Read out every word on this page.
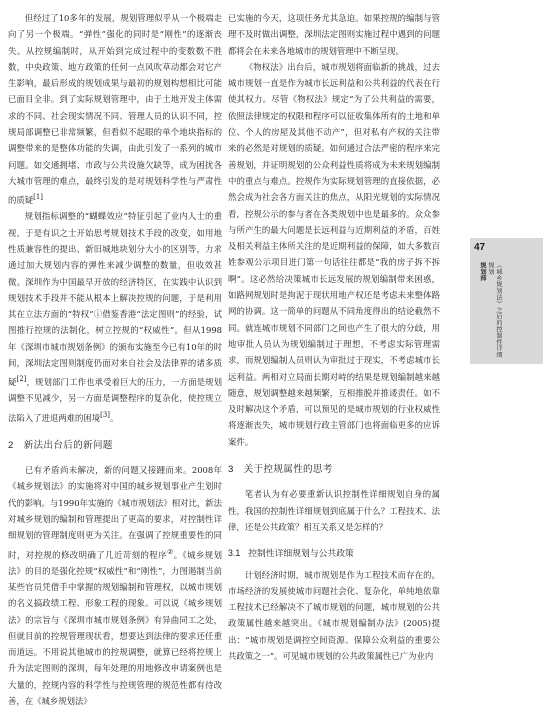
但经过了10多年的发展，规划管理似乎从一个极端走向了另一个极端。“弹性”强化的同时是“刚性”的逐渐丧失。从控规编制时，从开始到完成过程中的变数数不胜数，中央政策、地方政策的任何一点风吹草动都会对它产生影响，最后形成的规划成果与最初的规划构想相比可能已面目全非。到了实际规划管理中，由于土地开发主体需求的不同、社会现实情况不同、管理人员的认识不同，控规局部调整已非常频繁，但看似不起眼的单个地块指标的调整带来的是整体功能的失调，由此引发了一系列的城市问题。如交通拥堵、市政与公共设施欠缺等，成为困扰各大城市管理的难点，最终引发的是对规划科学性与严肃性的质疑[1]

规划指标调整的“蝴蝶效应”特征引起了业内人士的重视，于是有识之士开始思考规划技术手段的改变，如用地性质兼容性的提出、新旧城地块划分大小的区别等，力求通过加大规划内容的弹性来减少调整的数量，但收效甚微。深圳作为中国最早开放的经济特区，在实践中认识到规划技术手段并不能从根本上解决控规的问题，于是利用其在立法方面的“特权”ⓘ借鉴香港“法定图则”的经验，试图推行控规的法制化，树立控规的“权威性”。但从1998年《深圳市城市规划条例》的颁布实施至今已有10年的时间，深圳法定图则制度仍面对来自社会及法律界的诸多质疑[2]，规划部门工作也承受着巨大的压力，一方面是规划调整不见减少，另一方面是调整程序的复杂化，使控规立法陷入了进退两难的困境[3]。

2 新法出台后的新问题

已有矛盾尚未解决，新的问题又接踵而来。2008年《城乡规划法》的实施将对中国的城乡规划事业产生划时代的影响。与1990年实施的《城市规划法》相对比，新法对城乡规划的编制和管理提出了更高的要求，对控制性详细规划的管理制度则更为关注。在强调了控规重要性的同时，对控规的修改明确了几近苛刻的程序②。《城乡规划法》的目的是强化控规“权威性”和“刚性”，力图遏制当前某些官员凭借手中掌握的规划编制和管理权，以城市规划的名义搞政绩工程、形象工程的现象。可以说《城乡规划法》的宗旨与《深圳市城市规划条例》有异曲同工之处，但就目前的控规管理现状看，想要达到法律的要求还任重而道远。不用说其他城市的控规调整，就算已经将控规上升为法定图则的深圳，每年处理的用地修改申请案例也是大量的，控规内容的科学性与控规管理的规范性都有待改善，在《城乡规划法》

已实施的今天，这项任务尤其急迫。如果控规的编制与管理不及时做出调整，深圳法定图则实施过程中遇到的问题都将会在未来各地城市的规划管理中不断呈现。

《物权法》出台后，城市规划将面临新的挑战，过去城市规划一直是作为城市长远利益和公共利益的代表在行使其权力。尽管《物权法》规定“为了公共利益的需要，依照法律规定的权限和程序可以征收集体所有的土地和单位、个人的房屋及其他不动产”，但对私有产权的关注带来的必然是对规划的质疑。如何通过合法严密的程序来完善规划，并证明规划的公众利益性质将成为未来规划编制中的重点与难点。控规作为实际规划管理的直接依据，必然会成为社会各方面关注的焦点，从阳光规划的实际情况看，控规公示的参与者在各类规划中也是最多的。众众参与所产生的最大问题是长远利益与近期利益的矛盾，百姓及相关利益主体所关注的是近期利益的保障，如大多数百姓参观公示项目进门第一句话往往都是“我的房子拆不拆啊”。这必然给决策城市长远发展的规划编制带来困惑，如路网规划时是拘泥于现状用地产权还是考虑未来整体路网的协调。这一简单的问题从不同角度得出的结论截然不同。就连城市规划不同部门之间也产生了很大的分歧，用地审批人员认为规划编制过于理想，不考虑实际管理需求，而规划编制人员则认为审批过于现实，不考虑城市长远利益。两相对立局面长期对峙的结果是规划编制越来越随意，规划调整越来越频繁，互相推脱并推诿责任。如不及时解决这个矛盾，可以预见的是城市规划的行业权威性将逐渐丧失，城市规划行政主管部门也将面临更多的应诉案件。

3 关于控规属性的思考

笔者认为有必要重新认识控制性详细规划自身的属性，我国的控制性详细规划到底属于什么？工程技术、法律，还是公共政策？相互关系又是怎样的？

3.1 控制性详细规划与公共政策

计划经济时期，城市规划是作为工程技术而存在的。市场经济的发展使城市问题社会化、复杂化，单纯地依靠工程技术已经解决不了城市规划的问题，城市规划的公共政策属性越来越突出。《城市规划编制办法》(2005)提出：“城市规划是调控空间资源、保障公众利益的重要公共政策之一”。可见城市规划的公共政策属性已广为业内

47
规划师	《城乡规划法》之后的控制性详细规划
